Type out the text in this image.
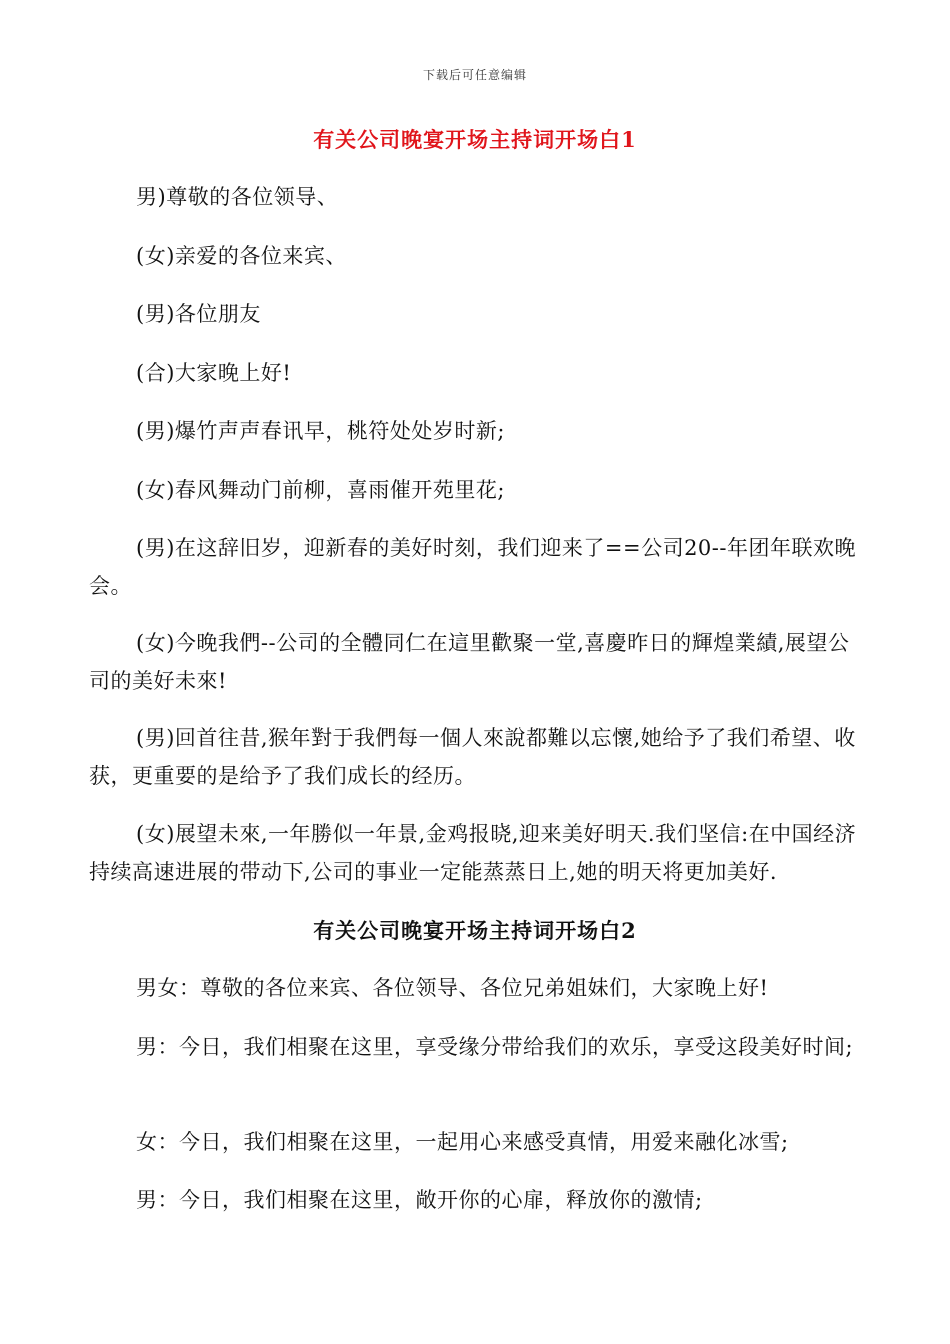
下载后可任意编辑
有关公司晚宴开场主持词开场白1
男)尊敬的各位领导、
(女)亲爱的各位来宾、
(男)各位朋友
(合)大家晚上好!
(男)爆竹声声春讯早，桃符处处岁时新;
(女)春风舞动门前柳，喜雨催开苑里花;
(男)在这辞旧岁，迎新春的美好时刻，我们迎来了==公司20--年团年联欢晚会。
(女)今晚我們--公司的全體同仁在這里歡聚一堂,喜慶昨日的輝煌業績,展望公司的美好未來!
(男)回首往昔,猴年對于我們每一個人來說都難以忘懷,她给予了我们希望、收获，更重要的是给予了我们成长的经历。
(女)展望未來,一年勝似一年景,金鸡报晓,迎来美好明天.我们坚信:在中国经济持续高速进展的带动下,公司的事业一定能蒸蒸日上,她的明天将更加美好.
有关公司晚宴开场主持词开场白2
男女：尊敬的各位来宾、各位领导、各位兄弟姐妹们，大家晚上好!
男：今日，我们相聚在这里，享受缘分带给我们的欢乐，享受这段美好时间;
女：今日，我们相聚在这里，一起用心来感受真情，用爱来融化冰雪;
男：今日，我们相聚在这里，敞开你的心扉，释放你的激情;
